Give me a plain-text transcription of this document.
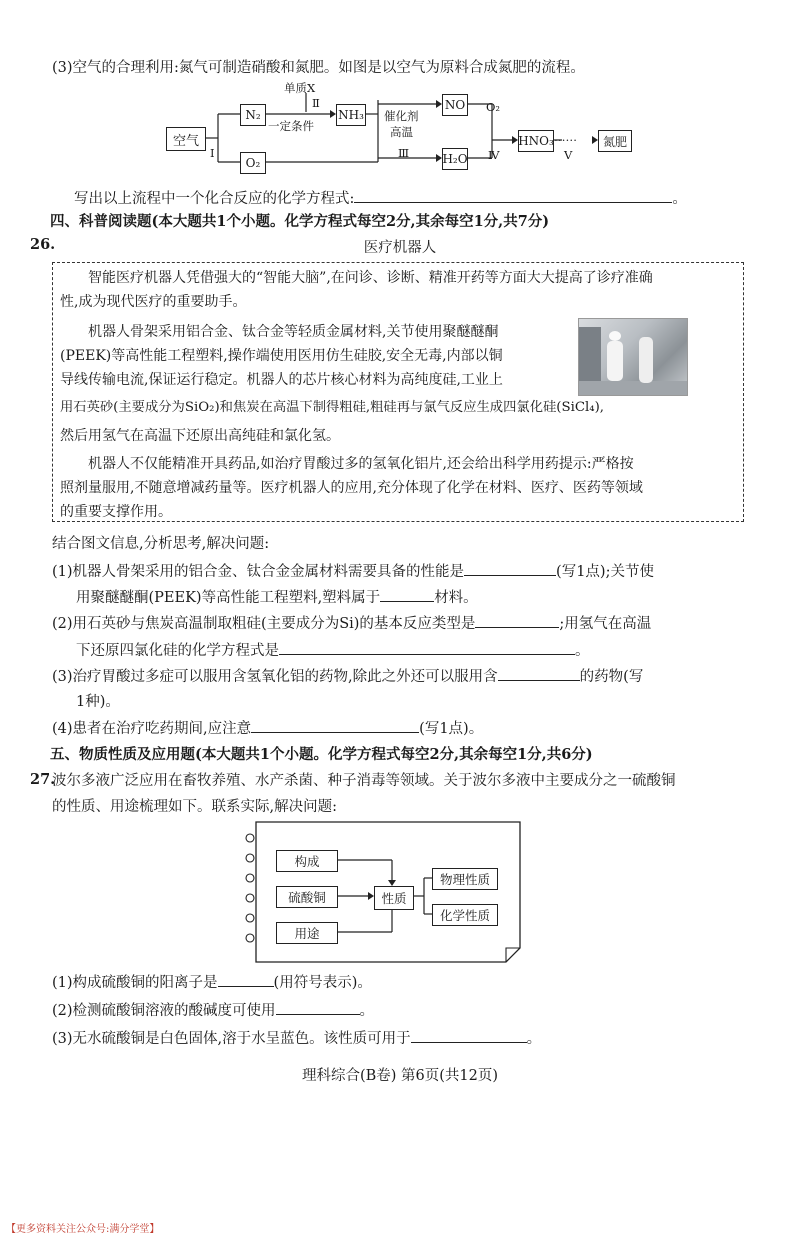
(3)空气的合理利用:氮气可制造硝酸和氮肥。如图是以空气为原料合成氮肥的流程。
空气
N₂
O₂
NH₃
NO
H₂O
HNO₃	氮肥
单质X
Ⅱ
一定条件
Ⅰ
催化剂
高温
Ⅲ
O₂
Ⅳ
……
Ⅴ
写出以上流程中一个化合反应的化学方程式:	。
四、科普阅读题(本大题共1个小题。化学方程式每空2分,其余每空1分,共7分)
26.	医疗机器人
智能医疗机器人凭借强大的“智能大脑”,在问诊、诊断、精准开药等方面大大提高了诊疗准确
性,成为现代医疗的重要助手。
机器人骨架采用铝合金、钛合金等轻质金属材料,关节使用聚醚醚酮
(PEEK)等高性能工程塑料,操作端使用医用仿生硅胶,安全无毒,内部以铜
导线传输电流,保证运行稳定。机器人的芯片核心材料为高纯度硅,工业上
用石英砂(主要成分为SiO₂)和焦炭在高温下制得粗硅,粗硅再与氯气反应生成四氯化硅(SiCl₄),
然后用氢气在高温下还原出高纯硅和氯化氢。
机器人不仅能精准开具药品,如治疗胃酸过多的氢氧化铝片,还会给出科学用药提示:严格按
照剂量服用,不随意增减药量等。医疗机器人的应用,充分体现了化学在材料、医疗、医药等领域
的重要支撑作用。
结合图文信息,分析思考,解决问题:
(1)机器人骨架采用的铝合金、钛合金金属材料需要具备的性能是	(写1点);关节使
用聚醚醚酮(PEEK)等高性能工程塑料,塑料属于	材料。
(2)用石英砂与焦炭高温制取粗硅(主要成分为Si)的基本反应类型是	;用氢气在高温
下还原四氯化硅的化学方程式是	。
(3)治疗胃酸过多症可以服用含氢氧化铝的药物,除此之外还可以服用含	的药物(写
1种)。
(4)患者在治疗吃药期间,应注意	(写1点)。
五、物质性质及应用题(本大题共1个小题。化学方程式每空2分,其余每空1分,共6分)
27.
波尔多液广泛应用在畜牧养殖、水产杀菌、种子消毒等领域。关于波尔多液中主要成分之一硫酸铜
的性质、用途梳理如下。联系实际,解决问题:
构成
硫酸铜
用途
性质
物理性质
化学性质
(1)构成硫酸铜的阳离子是	(用符号表示)。
(2)检测硫酸铜溶液的酸碱度可使用	。
(3)无水硫酸铜是白色固体,溶于水呈蓝色。该性质可用于	。
理科综合(B卷) 第6页(共12页)
【更多资料关注公众号:满分学堂】
